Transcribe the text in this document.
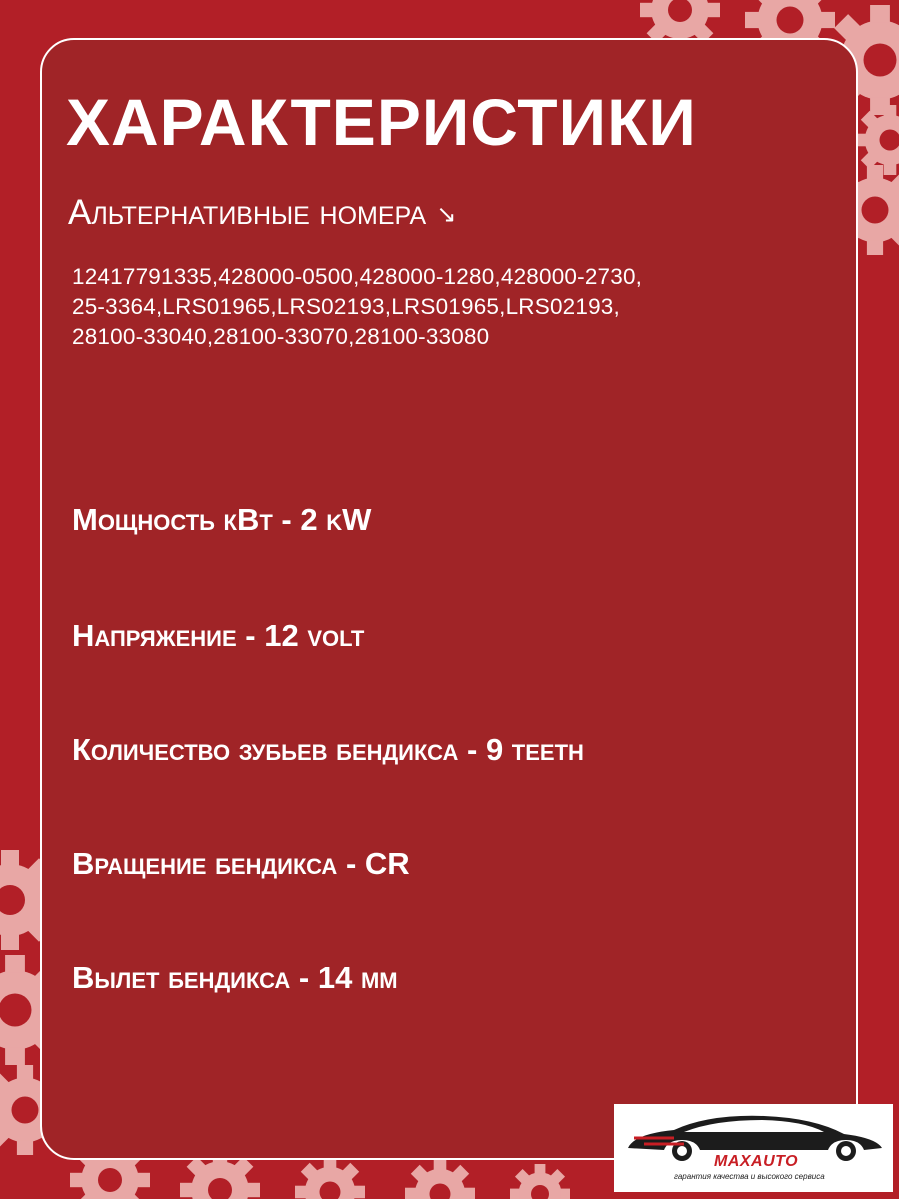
ХАРАКТЕРИСТИКИ
Альтернативные номера ↘
12417791335,428000-0500,428000-1280,428000-2730,
25-3364,LRS01965,LRS02193,LRS01965,LRS02193,
28100-33040,28100-33070,28100-33080
Мощность кВт - 2 kW
Напряжение - 12 volt
Количество зубьев бендикса - 9 teeth
Вращение бендикса - CR
Вылет бендикса - 14 мм
MAXAUTO
гарантия качества и высокого сервиса
